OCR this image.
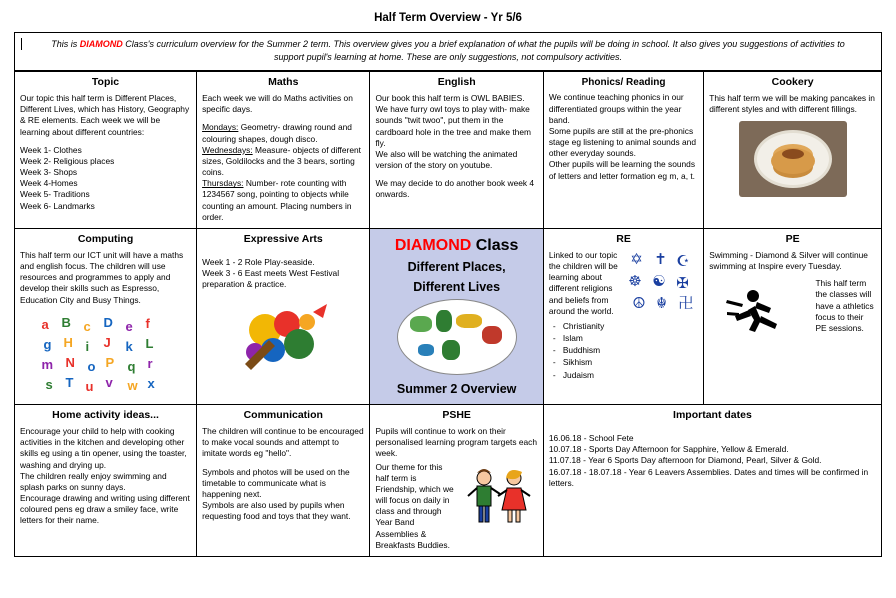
Half Term Overview - Yr 5/6
This is DIAMOND Class's curriculum overview for the Summer 2 term. This overview gives you a brief explanation of what the pupils will be doing in school. It also gives you suggestions of activities to support pupil's learning at home. These are only suggestions, not compulsory activities.
Topic

Our topic this half term is Different Places, Different Lives, which has History, Geography & RE elements. Each week we will be learning about different countries:

Week 1- Clothes

Week 2- Religious places

Week 3- Shops

Week 4-Homes

Week 5- Traditions

Week 6- Landmarks

Maths

Each week we will do Maths activities on specific days.

Mondays: Geometry- drawing round and colouring shapes, dough disco.

Wednesdays: Measure- objects of different sizes, Goldilocks and the 3 bears, sorting coins.

Thursdays: Number- rote counting with 1234567 song, pointing to objects while counting an amount. Placing numbers in order.

English

Our book this half term is OWL BABIES.

We have furry owl toys to play with- make sounds "twit twoo", put them in the cardboard hole in the tree and make them fly.

We also will be watching the animated version of the story on youtube.

We may decide to do another book week 4 onwards.

Phonics/ Reading

We continue teaching phonics in our differentiated groups within the year band.

Some pupils are still at the pre-phonics stage eg listening to animal sounds and other everyday sounds.

Other pupils will be learning the sounds of letters and letter formation eg m, a, t.

Cookery

This half term we will be making pancakes in different styles and with different fillings.

Computing

This half term our ICT unit will have a maths and english focus. The children will use resources and programmes to apply and develop their skills such as Espresso, Education City and Busy Things.

a B c D e f
g H i J k L
m N o P q r
s T u v w x

Expressive Arts

Week 1 - 2 Role Play-seaside.

Week 3 - 6 East meets West Festival preparation & practice.

DIAMOND Class
Different Places,
Different Lives
Summer 2 Overview

RE

Linked to our topic the children will be learning about different religions and beliefs from around the world.

✡ ✝ ☪
☸ ☯ ✠
☮ ☬ 卍
- Christianity
- Islam
- Buddhism
- Sikhism
- Judaism

PE

Swimming - Diamond & Silver will continue swimming at Inspire every Tuesday.

This half term the classes will have a athletics focus to their PE sessions.

Home activity ideas...

Encourage your child to help with cooking activities in the kitchen and developing other skills eg using a tin opener, using the toaster, washing and drying up.

The children really enjoy swimming and splash parks on sunny days.

Encourage drawing and writing using different coloured pens eg draw a smiley face, write letters for their name.

Communication

The children will continue to be encouraged to make vocal sounds and attempt to imitate words eg "hello".

Symbols and photos will be used on the timetable to communicate what is happening next.

Symbols are also used by pupils when requesting food and toys that they want.

PSHE

Pupils will continue to work on their personalised learning program targets each week.

Our theme for this half term is Friendship, which we will focus on daily in class and through Year Band Assemblies & Breakfasts Buddies.

Important dates

16.06.18 - School Fete

10.07.18 - Sports Day Afternoon for Sapphire, Yellow & Emerald.

11.07.18 - Year 6 Sports Day afternoon for Diamond, Pearl, Silver & Gold.

16.07.18 - 18.07.18 - Year 6 Leavers Assemblies. Dates and times will be confirmed in letters.
